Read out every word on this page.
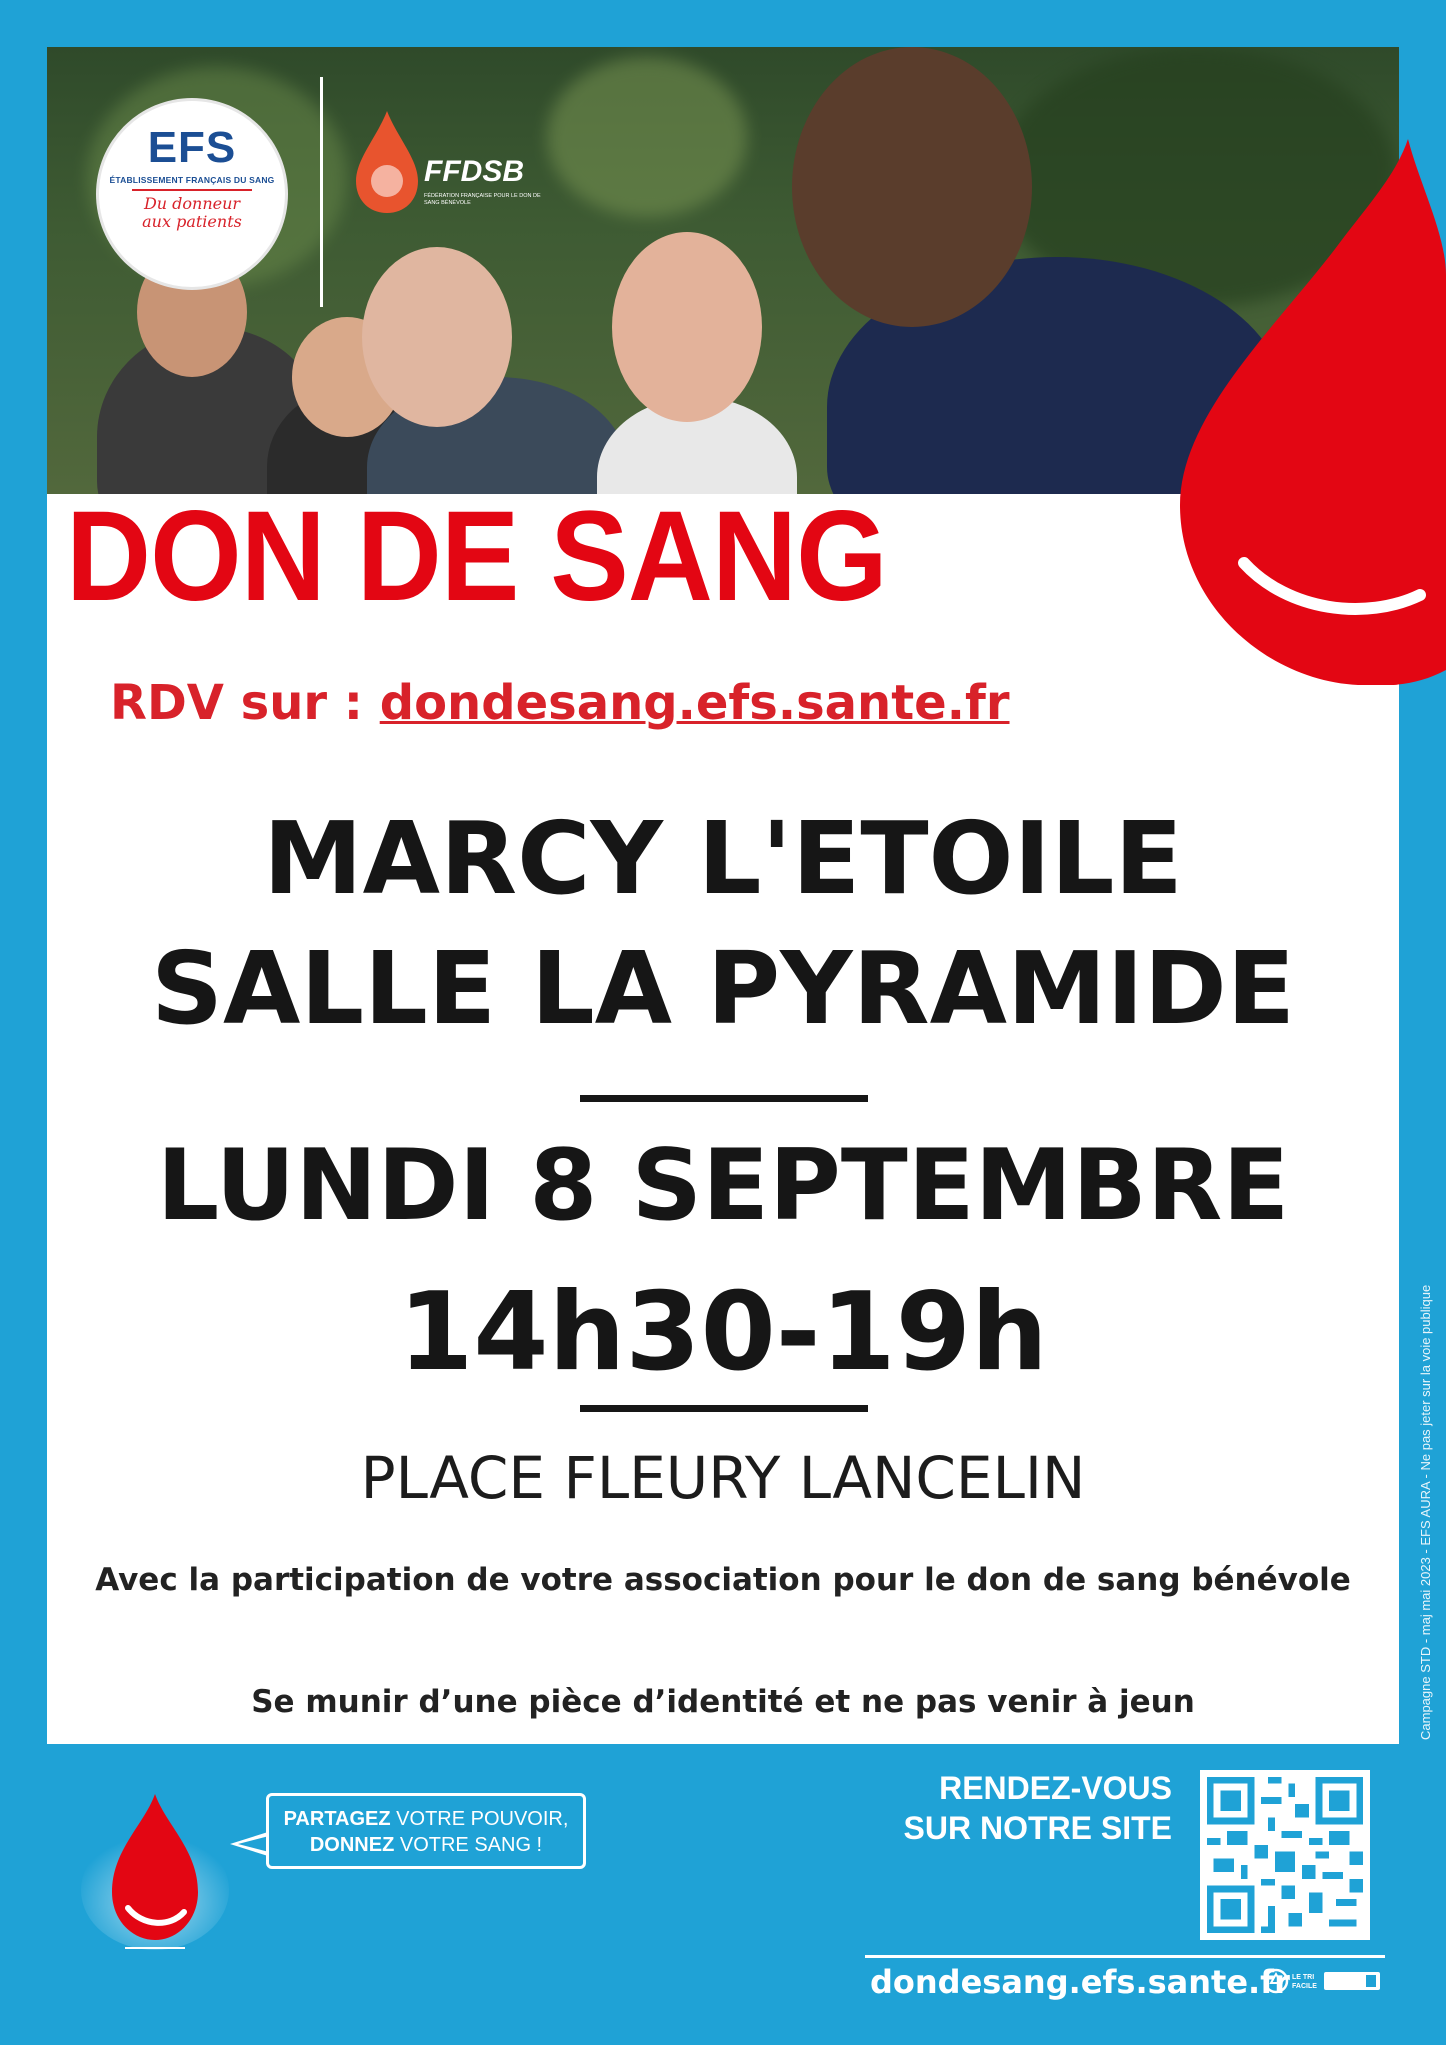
EFS
ÉTABLISSEMENT FRANÇAIS DU SANG
Du donneur
aux patients
FFDSB
FÉDÉRATION FRANÇAISE POUR LE DON DE SANG BÉNÉVOLE
DON DE SANG
RDV sur : dondesang.efs.sante.fr
MARCY L'ETOILE
SALLE LA PYRAMIDE
LUNDI 8 SEPTEMBRE
14h30-19h

PLACE FLEURY LANCELIN

Avec la participation de votre association pour le don de sang bénévole

Se munir d’une pièce d’identité et ne pas venir à jeun	Campagne STD - maj mai 2023 - EFS AURA - Ne pas jeter sur la voie publique
PARTAGEZ VOTRE POUVOIR,
DONNEZ VOTRE SANG !
RENDEZ-VOUS
SUR NOTRE SITE
dondesang.efs.sante.fr LE TRI
FACILE
